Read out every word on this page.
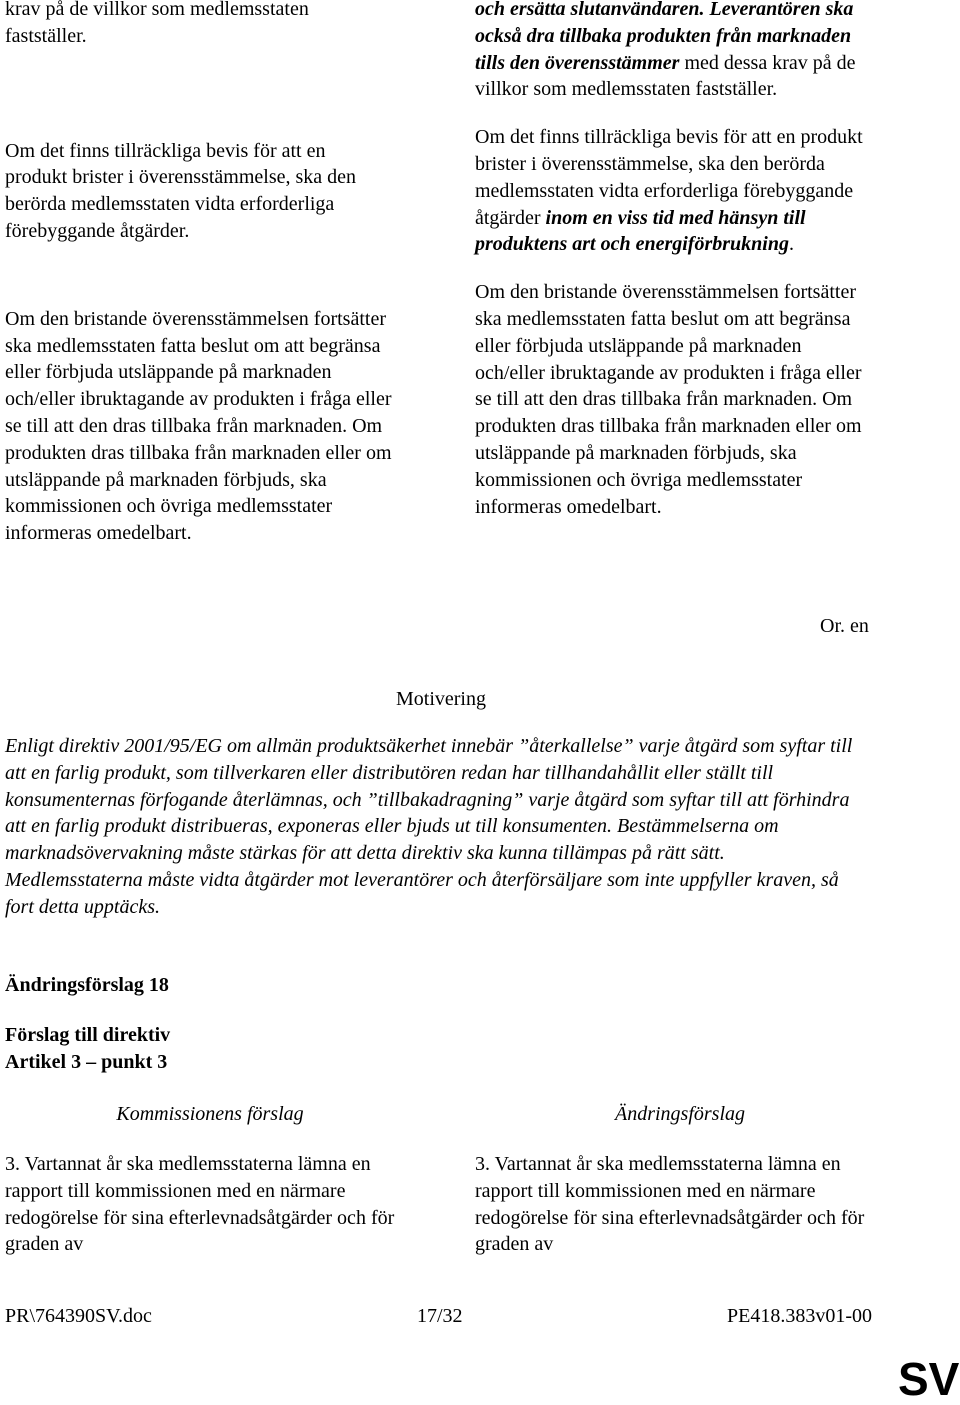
krav på de villkor som medlemsstaten fastställer.

Om det finns tillräckliga bevis för att en produkt brister i överensstämmelse, ska den berörda medlemsstaten vidta erforderliga förebyggande åtgärder.

Om den bristande överensstämmelsen fortsätter ska medlemsstaten fatta beslut om att begränsa eller förbjuda utsläppande på marknaden och/eller ibruktagande av produkten i fråga eller se till att den dras tillbaka från marknaden. Om produkten dras tillbaka från marknaden eller om utsläppande på marknaden förbjuds, ska kommissionen och övriga medlemsstater informeras omedelbart.

och ersätta slutanvändaren. Leverantören ska också dra tillbaka produkten från marknaden tills den överensstämmer med dessa krav på de villkor som medlemsstaten fastställer.

Om det finns tillräckliga bevis för att en produkt brister i överensstämmelse, ska den berörda medlemsstaten vidta erforderliga förebyggande åtgärder inom en viss tid med hänsyn till produktens art och energiförbrukning.

Om den bristande överensstämmelsen fortsätter ska medlemsstaten fatta beslut om att begränsa eller förbjuda utsläppande på marknaden och/eller ibruktagande av produkten i fråga eller se till att den dras tillbaka från marknaden. Om produkten dras tillbaka från marknaden eller om utsläppande på marknaden förbjuds, ska kommissionen och övriga medlemsstater informeras omedelbart.

Or. en

Motivering

Enligt direktiv 2001/95/EG om allmän produktsäkerhet innebär ”återkallelse” varje åtgärd som syftar till att en farlig produkt, som tillverkaren eller distributören redan har tillhandahållit eller ställt till konsumenternas förfogande återlämnas, och ”tillbakadragning” varje åtgärd som syftar till att förhindra att en farlig produkt distribueras, exponeras eller bjuds ut till konsumenten. Bestämmelserna om marknadsövervakning måste stärkas för att detta direktiv ska kunna tillämpas på rätt sätt. Medlemsstaterna måste vidta åtgärder mot leverantörer och återförsäljare som inte uppfyller kraven, så fort detta upptäcks.

Ändringsförslag 18

Förslag till direktiv

Artikel 3 – punkt 3

Kommissionens förslag	Ändringsförslag

3. Vartannat år ska medlemsstaterna lämna en rapport till kommissionen med en närmare redogörelse för sina efterlevnadsåtgärder och för graden av

3. Vartannat år ska medlemsstaterna lämna en rapport till kommissionen med en närmare redogörelse för sina efterlevnadsåtgärder och för graden av

PR\764390SV.doc	17/32	PE418.383v01-00

SV
